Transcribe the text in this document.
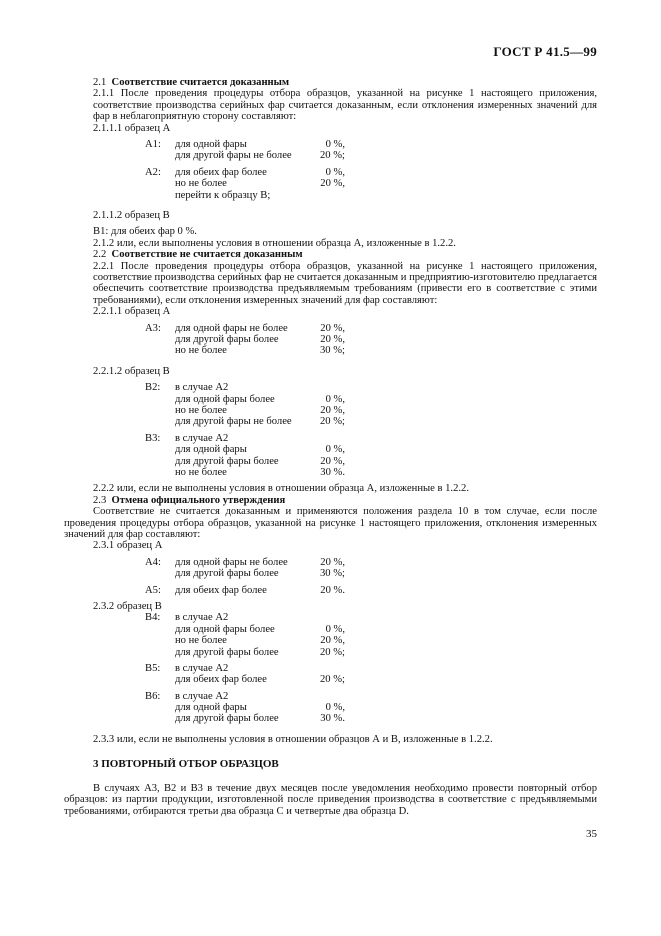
ГОСТ Р 41.5—99

2.1 Соответствие считается доказанным

2.1.1 После проведения процедуры отбора образцов, указанной на рисунке 1 настоящего приложения, соответствие производства серийных фар считается доказанным, если отклонения измеренных значений для фар в неблагоприятную сторону составляют:

2.1.1.1 образец А

A1:	для одной фары	0 %,
для другой фары не более	20 %;
A2:	для обеих фар более	0 %,
но не более	20 %,
перейти к образцу В;

2.1.1.2 образец В

В1: для обеих фар 0 %.

2.1.2 или, если выполнены условия в отношении образца А, изложенные в 1.2.2.

2.2 Соответствие не считается доказанным

2.2.1 После проведения процедуры отбора образцов, указанной на рисунке 1 настоящего приложения, соответствие производства серийных фар не считается доказанным и предприятию-изготовителю предлагается обеспечить соответствие производства предъявляемым требованиям (привести его в соответствие с этими требованиями), если отклонения измеренных значений для фар составляют:

2.2.1.1 образец А

А3:	для одной фары не более	20 %,
для другой фары более	20 %,
но не более	30 %;

2.2.1.2 образец В

В2:	в случае А2
для одной фары более	0 %,
но не более	20 %,
для другой фары не более	20 %;
В3:	в случае А2
для одной фары	0 %,
для другой фары более	20 %,
но не более	30 %.

2.2.2 или, если не выполнены условия в отношении образца А, изложенные в 1.2.2.

2.3 Отмена официального утверждения

Соответствие не считается доказанным и применяются положения раздела 10 в том случае, если после проведения процедуры отбора образцов, указанной на рисунке 1 настоящего приложения, отклонения измеренных значений для фар составляют:

2.3.1 образец А

А4:	для одной фары не более	20 %,
для другой фары более	30 %;
А5:	для обеих фар более	20 %.

2.3.2 образец В

В4:	в случае А2
для одной фары более	0 %,
но не более	20 %,
для другой фары более	20 %;
В5:	в случае А2
для обеих фар более	20 %;
В6:	в случае А2
для одной фары	0 %,
для другой фары более	30 %.

2.3.3 или, если не выполнены условия в отношении образцов А и В, изложенные в 1.2.2.

3 ПОВТОРНЫЙ ОТБОР ОБРАЗЦОВ

В случаях А3, В2 и В3 в течение двух месяцев после уведомления необходимо провести повторный отбор образцов: из партии продукции, изготовленной после приведения производства в соответствие с предъявляемыми требованиями, отбираются третьи два образца С и четвертые два образца D.

35
